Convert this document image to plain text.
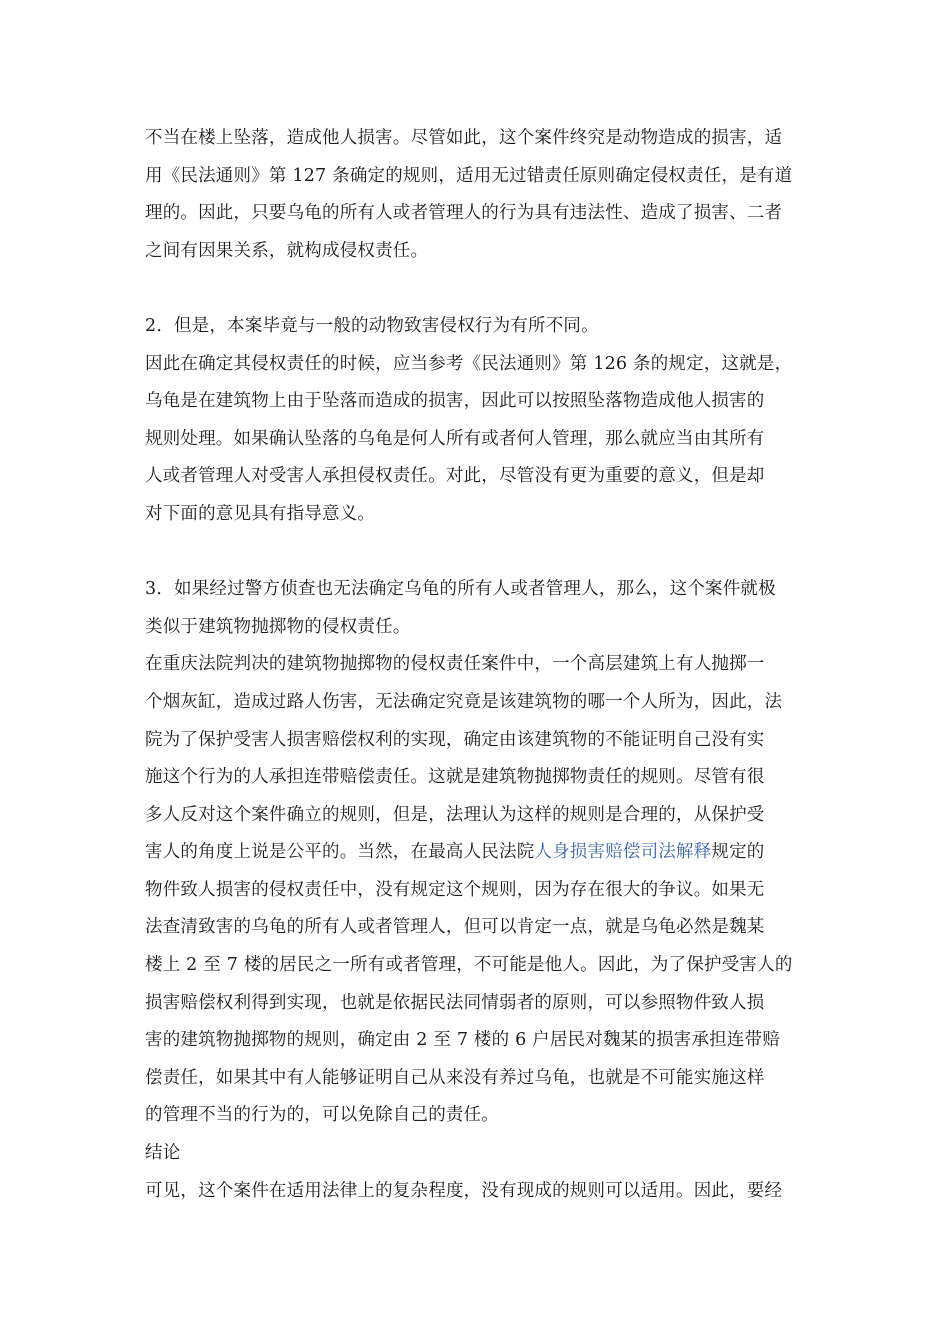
不当在楼上坠落，造成他人损害。尽管如此，这个案件终究是动物造成的损害，适
用《民法通则》第 127 条确定的规则，适用无过错责任原则确定侵权责任，是有道
理的。因此，只要乌龟的所有人或者管理人的行为具有违法性、造成了损害、二者
之间有因果关系，就构成侵权责任。
2．但是，本案毕竟与一般的动物致害侵权行为有所不同。
因此在确定其侵权责任的时候，应当参考《民法通则》第 126 条的规定，这就是，
乌龟是在建筑物上由于坠落而造成的损害，因此可以按照坠落物造成他人损害的
规则处理。如果确认坠落的乌龟是何人所有或者何人管理，那么就应当由其所有
人或者管理人对受害人承担侵权责任。对此，尽管没有更为重要的意义，但是却
对下面的意见具有指导意义。
3．如果经过警方侦查也无法确定乌龟的所有人或者管理人，那么，这个案件就极
类似于建筑物抛掷物的侵权责任。
在重庆法院判决的建筑物抛掷物的侵权责任案件中，一个高层建筑上有人抛掷一
个烟灰缸，造成过路人伤害，无法确定究竟是该建筑物的哪一个人所为，因此，法
院为了保护受害人损害赔偿权利的实现，确定由该建筑物的不能证明自己没有实
施这个行为的人承担连带赔偿责任。这就是建筑物抛掷物责任的规则。尽管有很
多人反对这个案件确立的规则，但是，法理认为这样的规则是合理的，从保护受
害人的角度上说是公平的。当然，在最高人民法院人身损害赔偿司法解释规定的
物件致人损害的侵权责任中，没有规定这个规则，因为存在很大的争议。如果无
法查清致害的乌龟的所有人或者管理人，但可以肯定一点，就是乌龟必然是魏某
楼上 2 至 7 楼的居民之一所有或者管理，不可能是他人。因此，为了保护受害人的
损害赔偿权利得到实现，也就是依据民法同情弱者的原则，可以参照物件致人损
害的建筑物抛掷物的规则，确定由 2 至 7 楼的 6 户居民对魏某的损害承担连带赔
偿责任，如果其中有人能够证明自己从来没有养过乌龟，也就是不可能实施这样
的管理不当的行为的，可以免除自己的责任。
结论
可见，这个案件在适用法律上的复杂程度，没有现成的规则可以适用。因此，要经
